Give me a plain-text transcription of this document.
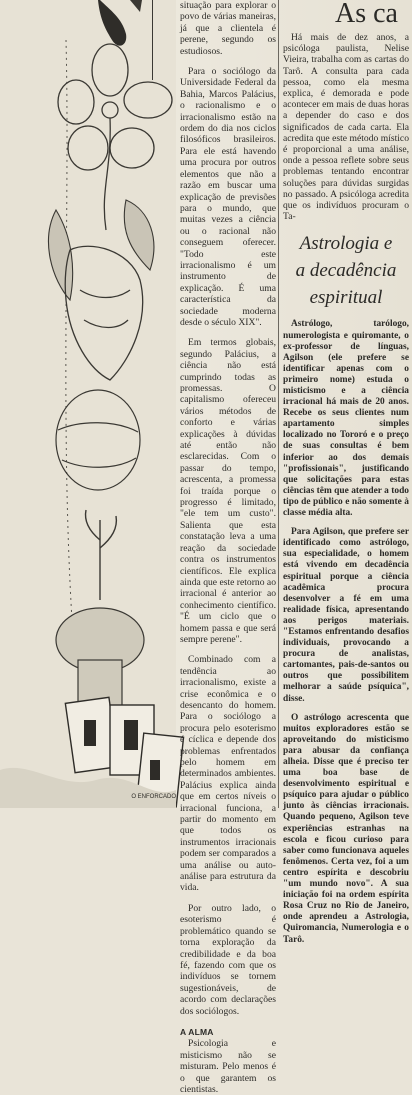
O ENFORCADO

situação para explorar o povo de várias maneiras, já que a clientela é perene, segundo os estudiosos.

Para o sociólogo da Universidade Federal da Bahia, Marcos Palácius, o racionalismo e o irracionalismo estão na ordem do dia nos ciclos filosóficos brasileiros. Para ele está havendo uma procura por outros elementos que não a razão em buscar uma explicação de previsões para o mundo, que muitas vezes a ciência ou o racional não conseguem oferecer. "Todo este irracionalismo é um instrumento de explicação. É uma característica da sociedade moderna desde o século XIX".

Em termos globais, segundo Palácius, a ciência não está cumprindo todas as promessas. O capitalismo ofereceu vários métodos de conforto e várias explicações à dúvidas até então não esclarecidas. Com o passar do tempo, acrescenta, a promessa foi traída porque o progresso é limitado, "ele tem um custo". Salienta que esta constatação leva a uma reação da sociedade contra os instrumentos científicos. Ele explica ainda que este retorno ao irracional é anterior ao conhecimento científico. "É um ciclo que o homem passa e que será sempre perene".

Combinado com a tendência ao irracionalismo, existe a crise econômica e o desencanto do homem. Para o sociólogo a procura pelo esoterismo é cíclica e depende dos problemas enfrentados pelo homem em determinados ambientes. Palácius explica ainda que em certos níveis o irracional funciona, a partir do momento em que todos os instrumentos irracionais podem ser comparados a uma análise ou auto-análise para estrutura da vida.

Por outro lado, o esoterismo é problemático quando se torna exploração da credibilidade e da boa fé, fazendo com que os indivíduos se tornem sugestionáveis, de acordo com declarações dos sociólogos.

A ALMA

Psicologia e misticismo não se misturam. Pelo menos é o que garantem os cientistas.

As ca

Há mais de dez anos, a psicóloga paulista, Nelise Vieira, trabalha com as cartas do Tarô. A consulta para cada pessoa, como ela mesma explica, é demorada e pode acontecer em mais de duas horas a depender do caso e dos significados de cada carta. Ela acredita que este método místico é proporcional a uma análise, onde a pessoa reflete sobre seus problemas tentando encontrar soluções para dúvidas surgidas no passado. A psicóloga acredita que os indivíduos procuram o Ta-

Astrologia e
a decadência
espiritual

Astrólogo, tarólogo, numerologista e quiromante, o ex-professor de línguas, Agilson (ele prefere se identificar apenas com o primeiro nome) estuda o misticismo e a ciência irracional há mais de 20 anos. Recebe os seus clientes num apartamento simples localizado no Tororó e o preço de suas consultas é bem inferior ao dos demais "profissionais", justificando que solicitações para estas ciências têm que atender a todo tipo de público e não somente à classe média alta.

Para Agilson, que prefere ser identificado como astrólogo, sua especialidade, o homem está vivendo em decadência espiritual porque a ciência acadêmica procura desenvolver a fé em uma realidade física, apresentando aos perigos materiais. "Estamos enfrentando desafios individuais, provocando a procura de analistas, cartomantes, pais-de-santos ou outros que possibilitem melhorar a saúde psíquica", disse.

O astrólogo acrescenta que muitos exploradores estão se aproveitando do misticismo para abusar da confiança alheia. Disse que é preciso ter uma boa base de desenvolvimento espiritual e psíquico para ajudar o público junto às ciências irracionais. Quando pequeno, Agilson teve experiências estranhas na escola e ficou curioso para saber como funcionava aqueles fenômenos. Certa vez, foi a um centro espírita e descobriu "um mundo novo". A sua iniciação foi na ordem espírita Rosa Cruz no Rio de Janeiro, onde aprendeu a Astrologia, Quiromancia, Numerologia e o Tarô.
